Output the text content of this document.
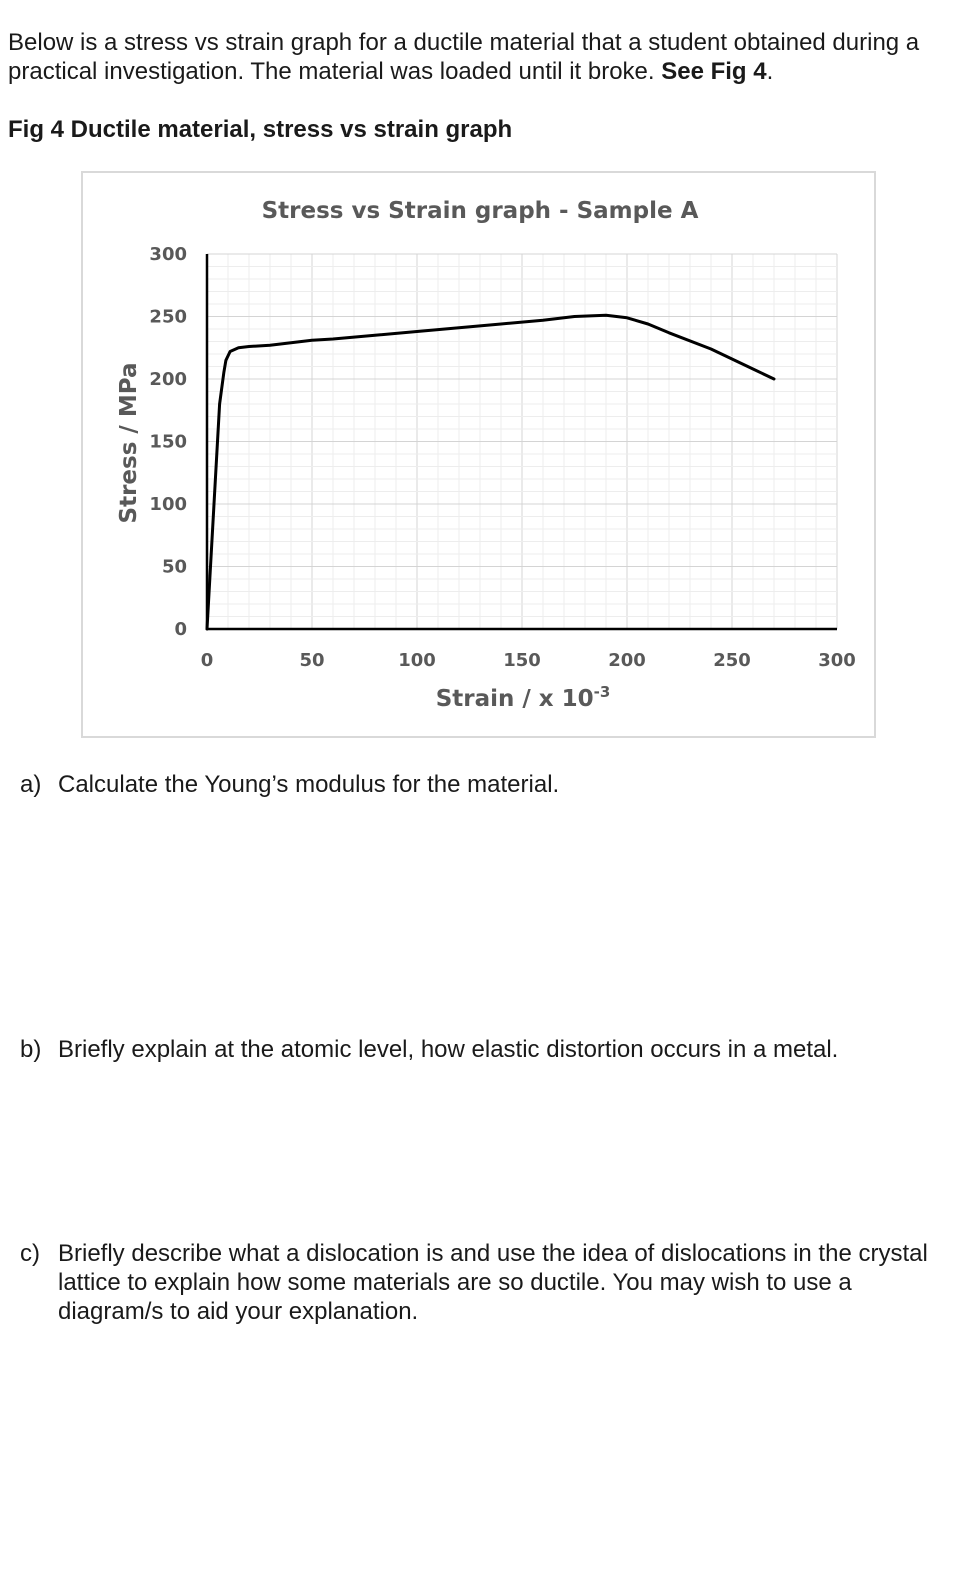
Below is a stress vs strain graph for a ductile material that a student obtained during a practical investigation. The material was loaded until it broke. See Fig 4.

Fig 4 Ductile material, stress vs strain graph

0	50	100	150	200	250	300
0
50
100
150
200
250
300
Stress vs Strain graph - Sample A
Stress / MPa
Strain / x $10^{-3}$
a) Calculate the Young’s modulus for the material.
b) Briefly explain at the atomic level, how elastic distortion occurs in a metal.
c) Briefly describe what a dislocation is and use the idea of dislocations in the crystal lattice to explain how some materials are so ductile. You may wish to use a diagram/s to aid your explanation.
